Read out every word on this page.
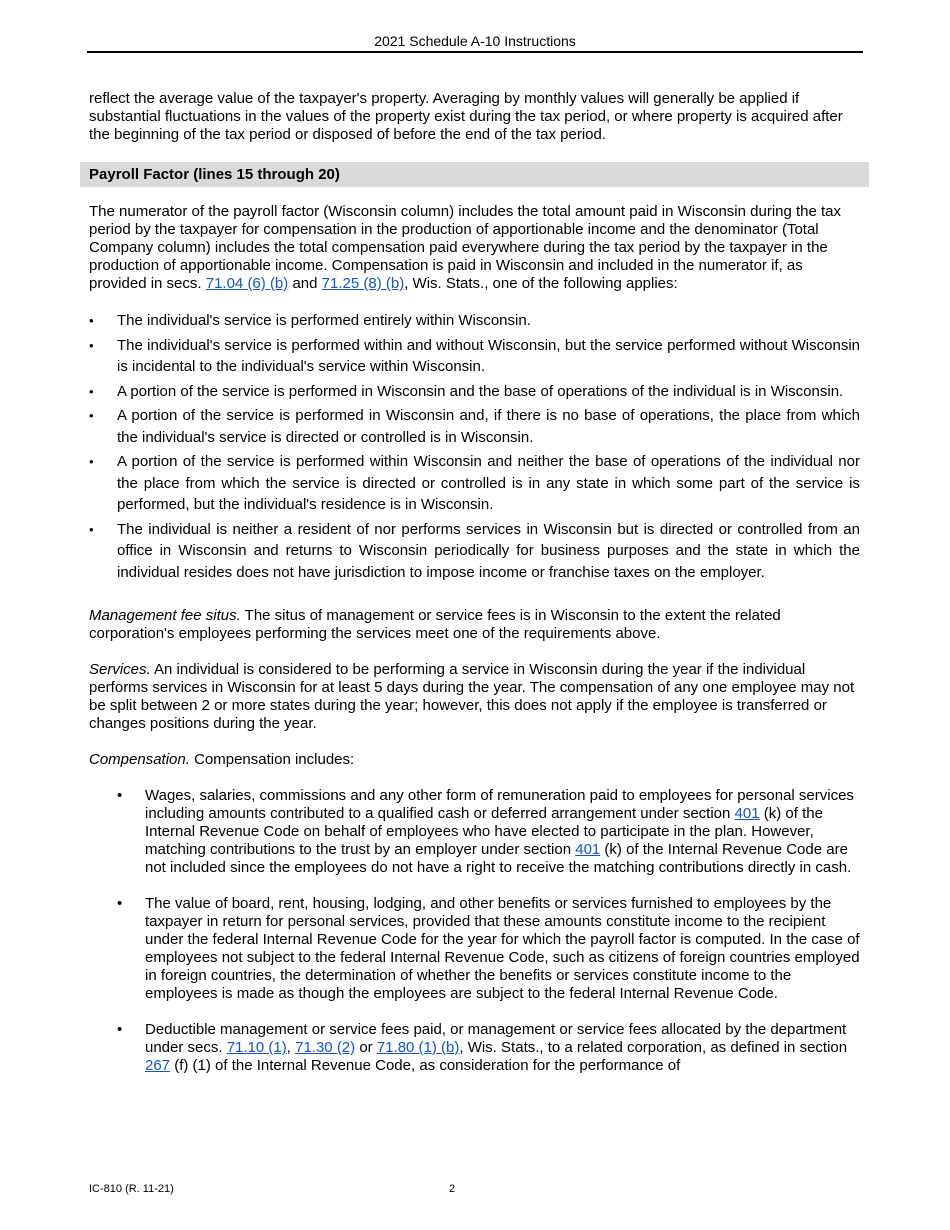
2021 Schedule A-10 Instructions

reflect the average value of the taxpayer's property. Averaging by monthly values will generally be applied if substantial fluctuations in the values of the property exist during the tax period, or where property is acquired after the beginning of the tax period or disposed of before the end of the tax period.

Payroll Factor (lines 15 through 20)

The numerator of the payroll factor (Wisconsin column) includes the total amount paid in Wisconsin during the tax period by the taxpayer for compensation in the production of apportionable income and the denominator (Total Company column) includes the total compensation paid everywhere during the tax period by the taxpayer in the production of apportionable income. Compensation is paid in Wisconsin and included in the numerator if, as provided in secs. 71.04 (6) (b) and 71.25 (8) (b), Wis. Stats., one of the following applies:

• The individual's service is performed entirely within Wisconsin.
• The individual's service is performed within and without Wisconsin, but the service performed without Wisconsin is incidental to the individual's service within Wisconsin.
• A portion of the service is performed in Wisconsin and the base of operations of the individual is in Wisconsin.
• A portion of the service is performed in Wisconsin and, if there is no base of operations, the place from which the individual's service is directed or controlled is in Wisconsin.
• A portion of the service is performed within Wisconsin and neither the base of operations of the individual nor the place from which the service is directed or controlled is in any state in which some part of the service is performed, but the individual's residence is in Wisconsin.
• The individual is neither a resident of nor performs services in Wisconsin but is directed or controlled from an office in Wisconsin and returns to Wisconsin periodically for business purposes and the state in which the individual resides does not have jurisdiction to impose income or franchise taxes on the employer.

Management fee situs. The situs of management or service fees is in Wisconsin to the extent the related corporation's employees performing the services meet one of the requirements above.

Services. An individual is considered to be performing a service in Wisconsin during the year if the individual performs services in Wisconsin for at least 5 days during the year. The compensation of any one employee may not be split between 2 or more states during the year; however, this does not apply if the employee is transferred or changes positions during the year.

Compensation. Compensation includes:

• Wages, salaries, commissions and any other form of remuneration paid to employees for personal services including amounts contributed to a qualified cash or deferred arrangement under section 401 (k) of the Internal Revenue Code on behalf of employees who have elected to participate in the plan. However, matching contributions to the trust by an employer under section 401 (k) of the Internal Revenue Code are not included since the employees do not have a right to receive the matching contributions directly in cash.
• The value of board, rent, housing, lodging, and other benefits or services furnished to employees by the taxpayer in return for personal services, provided that these amounts constitute income to the recipient under the federal Internal Revenue Code for the year for which the payroll factor is computed. In the case of employees not subject to the federal Internal Revenue Code, such as citizens of foreign countries employed in foreign countries, the determination of whether the benefits or services constitute income to the employees is made as though the employees are subject to the federal Internal Revenue Code.
• Deductible management or service fees paid, or management or service fees allocated by the department under secs. 71.10 (1), 71.30 (2) or 71.80 (1) (b), Wis. Stats., to a related corporation, as defined in section 267 (f) (1) of the Internal Revenue Code, as consideration for the performance of
IC-810 (R. 11-21)	2
